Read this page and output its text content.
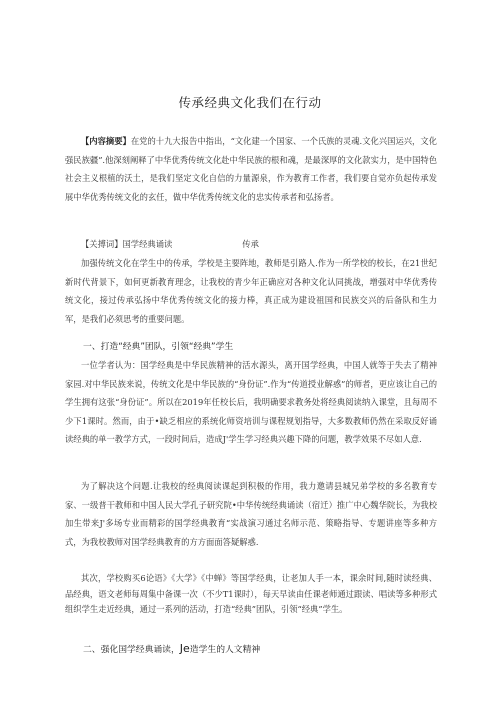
传承经典文化我们在行动

【内容摘要】在党的十九大报告中指出，“文化建一个国家、一个氏族的灵魂.文化兴国运兴，文化强民族疆”.他深刻阐释了中华优秀传统文化赴中华民族的根和魂，是最深厚的文化款实力，是中国特色社会主义根植的沃土，是我们坚定文化自信的力量源泉，作为教育工作者，我们要自觉亦负起传承发展中华优秀传统文化的玄任，做中华优秀传统文化的忠实传承者和弘扬者。

【关搏词】国学经典诵读	传承

加强传统文化在学生中的传承，学校是主要阵地，教师是引路人.作为一所学校的校长，在21世纪新时代背景下，如何更新教育理念，让我校的青少年正确应对各种文化认同挑战，增强对中华优秀传统文化，接过传承弘扬中华优秀传统文化的接力棒，真正成为建设祖国和民族交兴的后备队和生力军，是我们必须思考的重要问题。

一、打造“经典”团队，引领“经典”学生

一位学者认为：国学经典是中华民族精神的活水源头，离开国学经典，中国人就等于失去了精神家园.对中华民族来说，传统文化是中华民族的“身份证”.作为“传道授业解惑”的师者，更应该让自己的学生拥有这张“身份证”。所以在2019年任校长后，我明确要求教务处将经典阅读纳入课堂，且每周不少下1课时。然而，由于•缺乏相应的系统化师资培训与课程规划指导，大多数教师仍然在采取反好诵读经典的单一教学方式，一段时间后，造成J'学生学习经典兴趣下降的问题，教学效果不尽如人意.

为了解决这个问题.让我校的经典阅读课起到积极的作用，我力邀请县城兄弟学校的多名教育专家、一级普干教师和中国人民大学孔子研究院•中华传统经典诵读（宿迁）推广中心魏华院长，为我校加生带来J'多场专业而精彩的国学经典教育“实战演习通过名师示范、策略指导、专题讲座等多种方式，为我校教师对国学经典教育的方方面面答疑解惑.

其次，学校购买6论语》《大学》《中蝉》等国学经典，让老加人手一本，课余时间,随时读经典、品经典，语文老师每周集中备课一次（不少T1课时），每天早读由任课老师通过跟读、唱读等多种形式组织学生走近经典，通过一系列的活动，打造“经典”团队，引领“经典”学生。

二、强化国学经典诵读，Je造学生的人文精神
